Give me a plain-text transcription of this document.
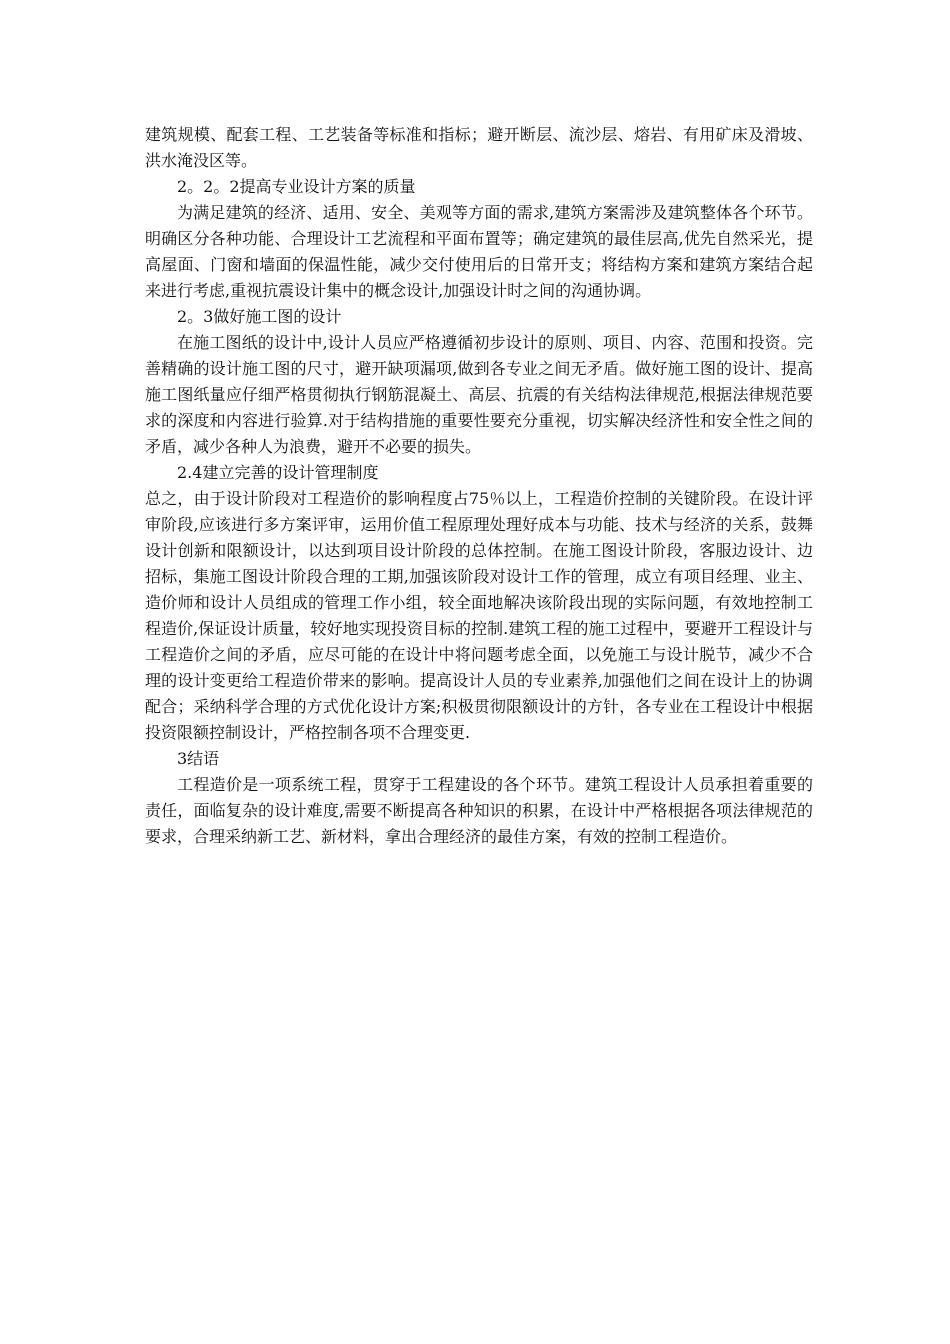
建筑规模、配套工程、工艺装备等标准和指标；避开断层、流沙层、熔岩、有用矿床及滑坡、洪水淹没区等。

2。2。2提高专业设计方案的质量

为满足建筑的经济、适用、安全、美观等方面的需求,建筑方案需涉及建筑整体各个环节。明确区分各种功能、合理设计工艺流程和平面布置等；确定建筑的最佳层高,优先自然采光，提高屋面、门窗和墙面的保温性能，减少交付使用后的日常开支；将结构方案和建筑方案结合起来进行考虑,重视抗震设计集中的概念设计,加强设计时之间的沟通协调。

2。3做好施工图的设计

在施工图纸的设计中,设计人员应严格遵循初步设计的原则、项目、内容、范围和投资。完善精确的设计施工图的尺寸，避开缺项漏项,做到各专业之间无矛盾。做好施工图的设计、提高施工图纸量应仔细严格贯彻执行钢筋混凝土、高层、抗震的有关结构法律规范,根据法律规范要求的深度和内容进行验算.对于结构措施的重要性要充分重视，切实解决经济性和安全性之间的矛盾，减少各种人为浪费，避开不必要的损失。

2.4建立完善的设计管理制度

总之，由于设计阶段对工程造价的影响程度占75％以上，工程造价控制的关键阶段。在设计评审阶段,应该进行多方案评审，运用价值工程原理处理好成本与功能、技术与经济的关系，鼓舞设计创新和限额设计，以达到项目设计阶段的总体控制。在施工图设计阶段，客服边设计、边招标，集施工图设计阶段合理的工期,加强该阶段对设计工作的管理，成立有项目经理、业主、造价师和设计人员组成的管理工作小组，较全面地解决该阶段出现的实际问题，有效地控制工程造价,保证设计质量，较好地实现投资目标的控制.建筑工程的施工过程中，要避开工程设计与工程造价之间的矛盾，应尽可能的在设计中将问题考虑全面，以免施工与设计脱节，减少不合理的设计变更给工程造价带来的影响。提高设计人员的专业素养,加强他们之间在设计上的协调配合；采纳科学合理的方式优化设计方案;积极贯彻限额设计的方针，各专业在工程设计中根据投资限额控制设计，严格控制各项不合理变更.

3结语

工程造价是一项系统工程，贯穿于工程建设的各个环节。建筑工程设计人员承担着重要的责任，面临复杂的设计难度,需要不断提高各种知识的积累，在设计中严格根据各项法律规范的要求，合理采纳新工艺、新材料，拿出合理经济的最佳方案，有效的控制工程造价。
